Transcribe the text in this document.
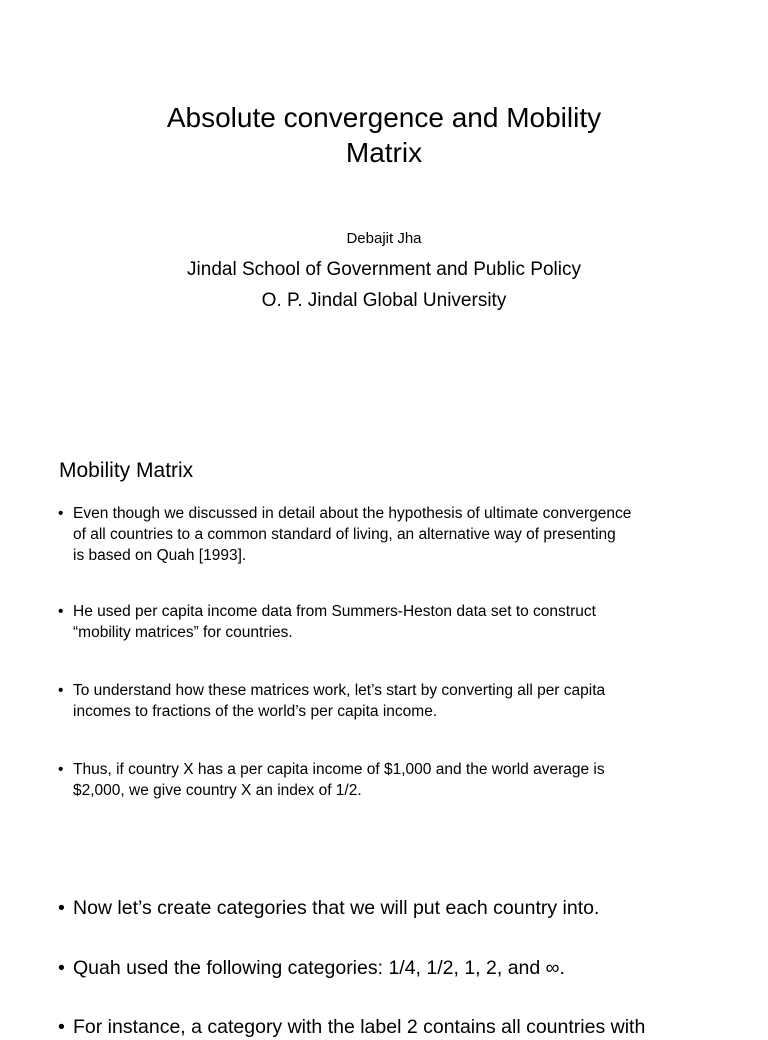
Absolute convergence and Mobility
Matrix
Debajit Jha
Jindal School of Government and Public Policy
O. P. Jindal Global University
Mobility Matrix
• Even though we discussed in detail about the hypothesis of ultimate convergence
of all countries to a common standard of living, an alternative way of presenting
is based on Quah [1993].
• He used per capita income data from Summers-Heston data set to construct
“mobility matrices” for countries.
• To understand how these matrices work, let’s start by converting all per capita
incomes to fractions of the world’s per capita income.
• Thus, if country X has a per capita income of $1,000 and the world average is
$2,000, we give country X an index of 1/2.
• Now let’s create categories that we will put each country into.
• Quah used the following categories: 1/4, 1/2, 1, 2, and ∞.
• For instance, a category with the label 2 contains all countries with
